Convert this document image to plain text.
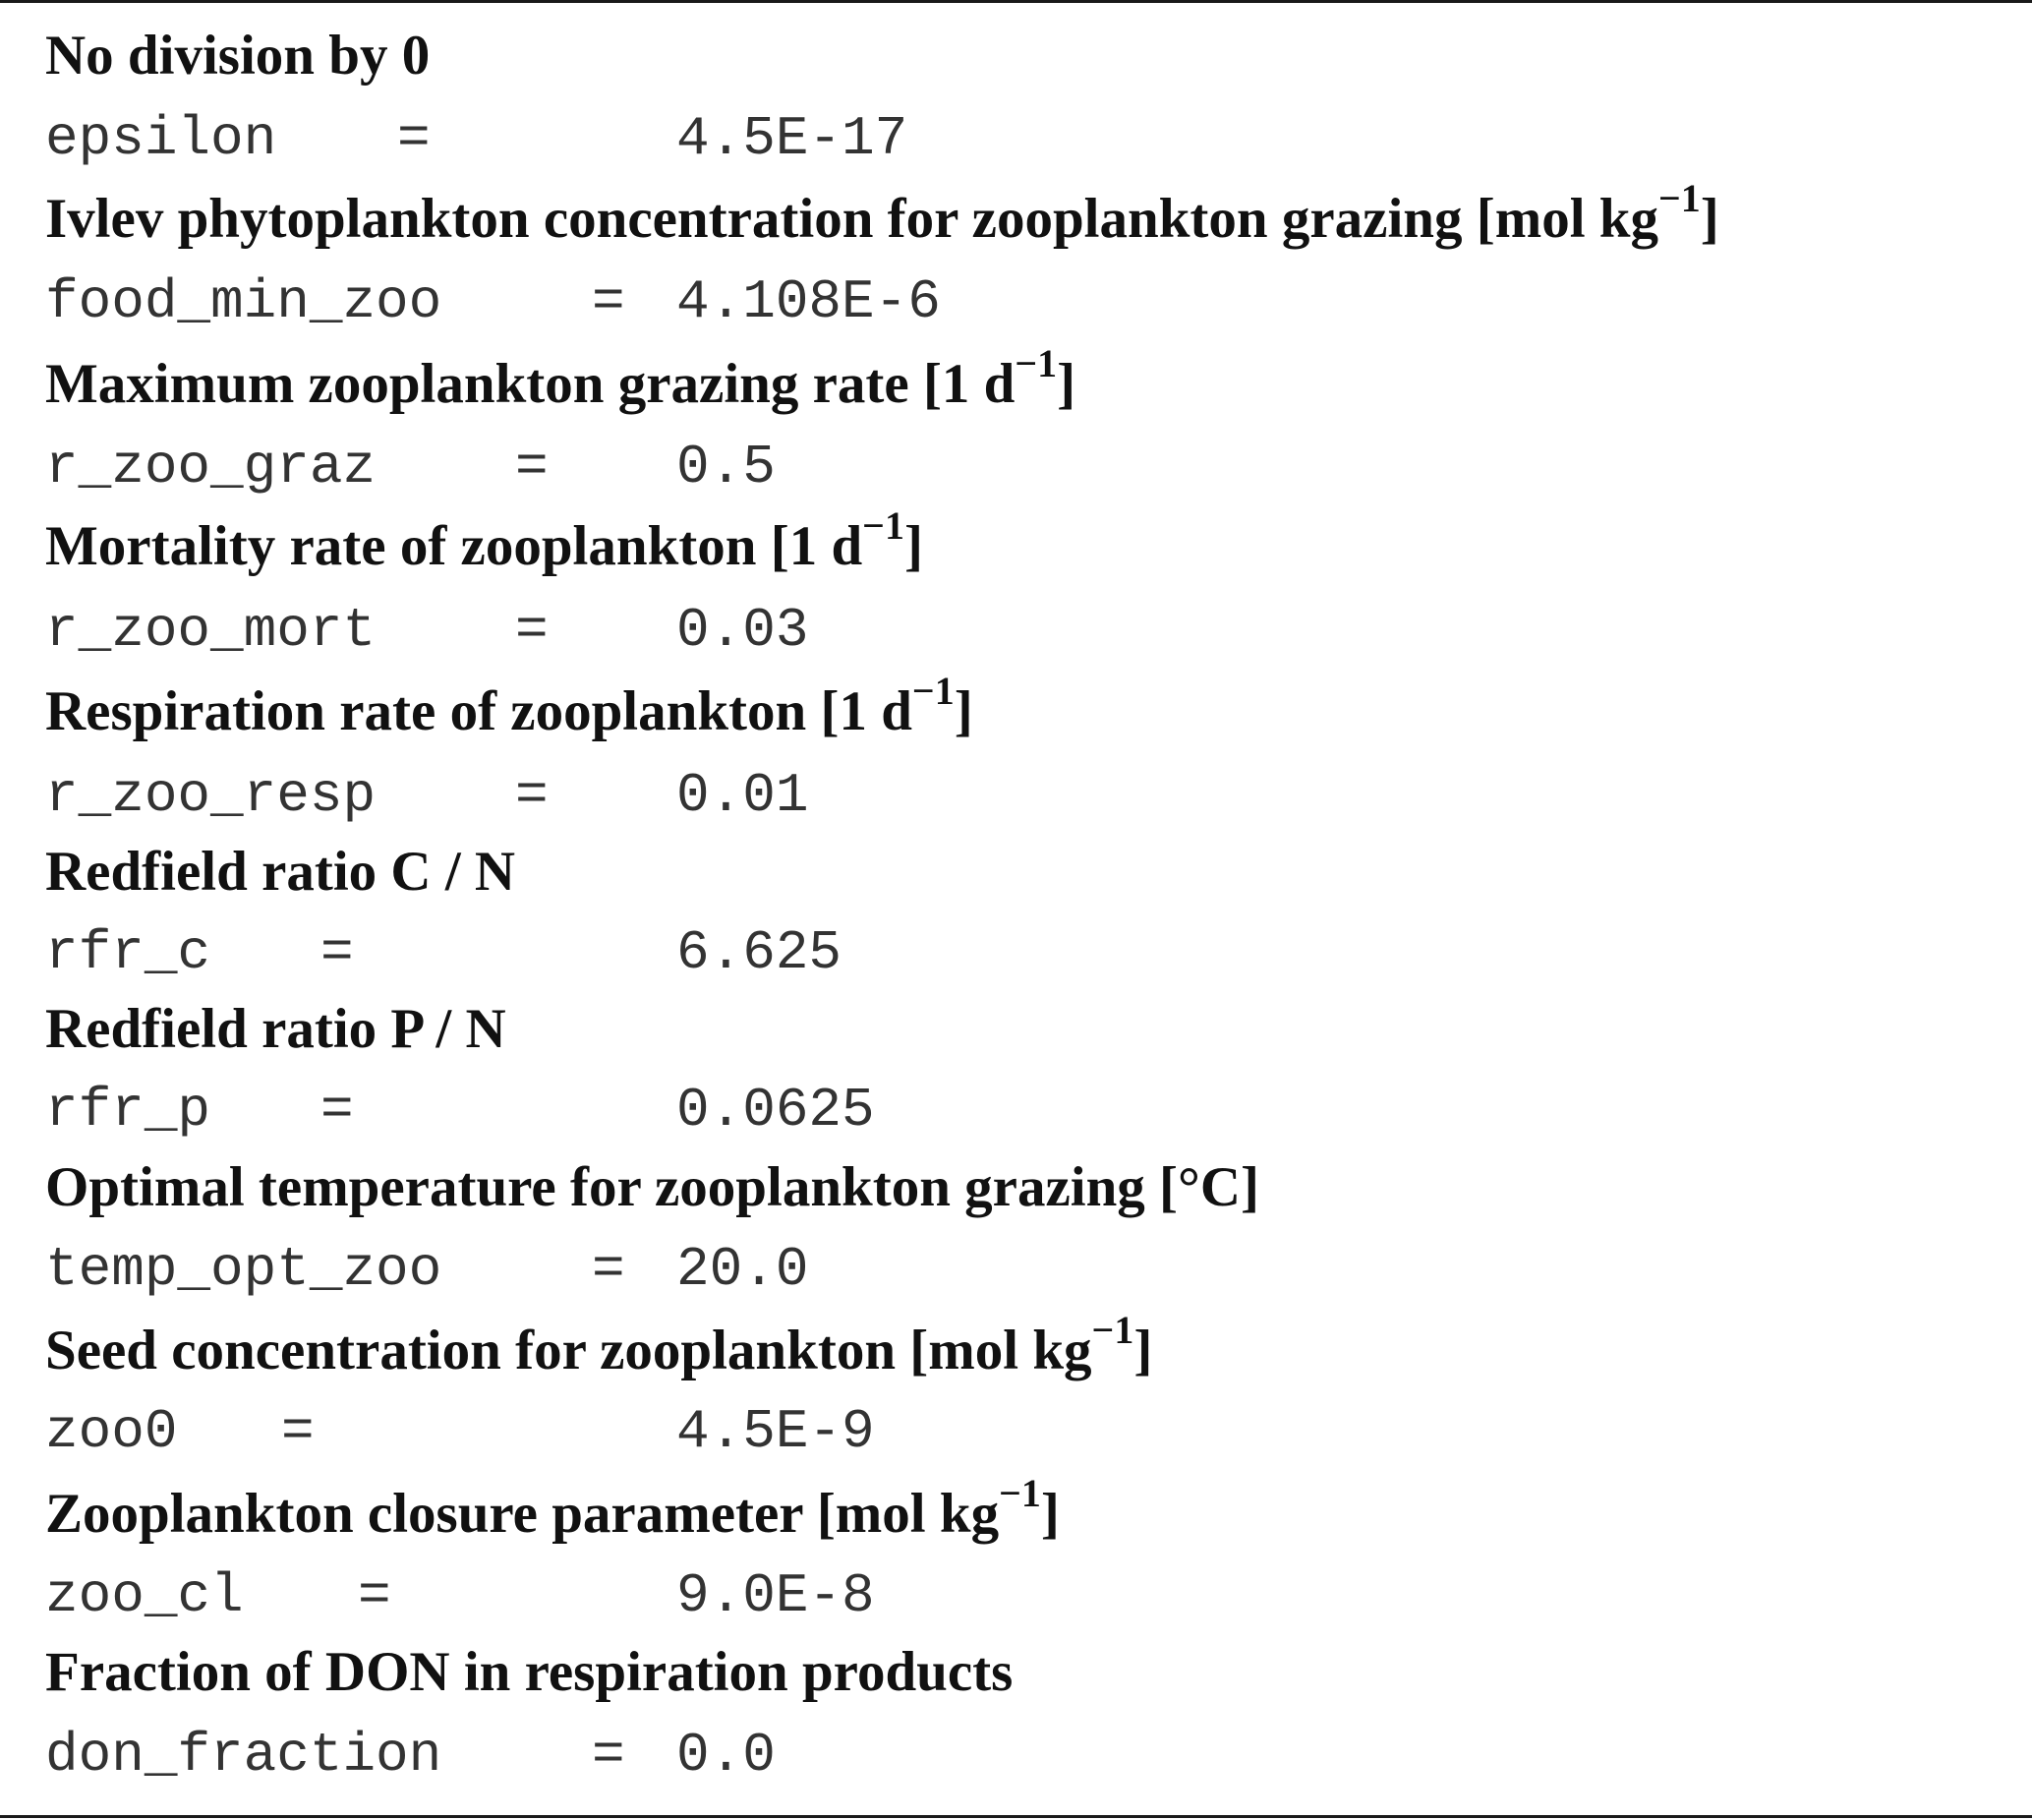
No division by 0
epsilon =	4.5E-17
Ivlev phytoplankton concentration for zooplankton grazing [mol $kg^{-1}$]
food_min_zoo	= 4.108E-6
Maximum zooplankton grazing rate [1 $d^{-1}$]
r_zoo_graz	= 0.5
Mortality rate of zooplankton [1 $d^{-1}$]
r_zoo_mort	= 0.03
Respiration rate of zooplankton [1 $d^{-1}$]
r_zoo_resp	= 0.01
Redfield ratio C / N
rfr_c =	6.625
Redfield ratio P / N
rfr_p =	0.0625
Optimal temperature for zooplankton grazing [°C]
temp_opt_zoo	= 20.0
Seed concentration for zooplankton [mol $kg^{-1}$]
zoo0 =	4.5E-9
Zooplankton closure parameter [mol $kg^{-1}$]
zoo_cl =	9.0E-8
Fraction of DON in respiration products
don_fraction	= 0.0
